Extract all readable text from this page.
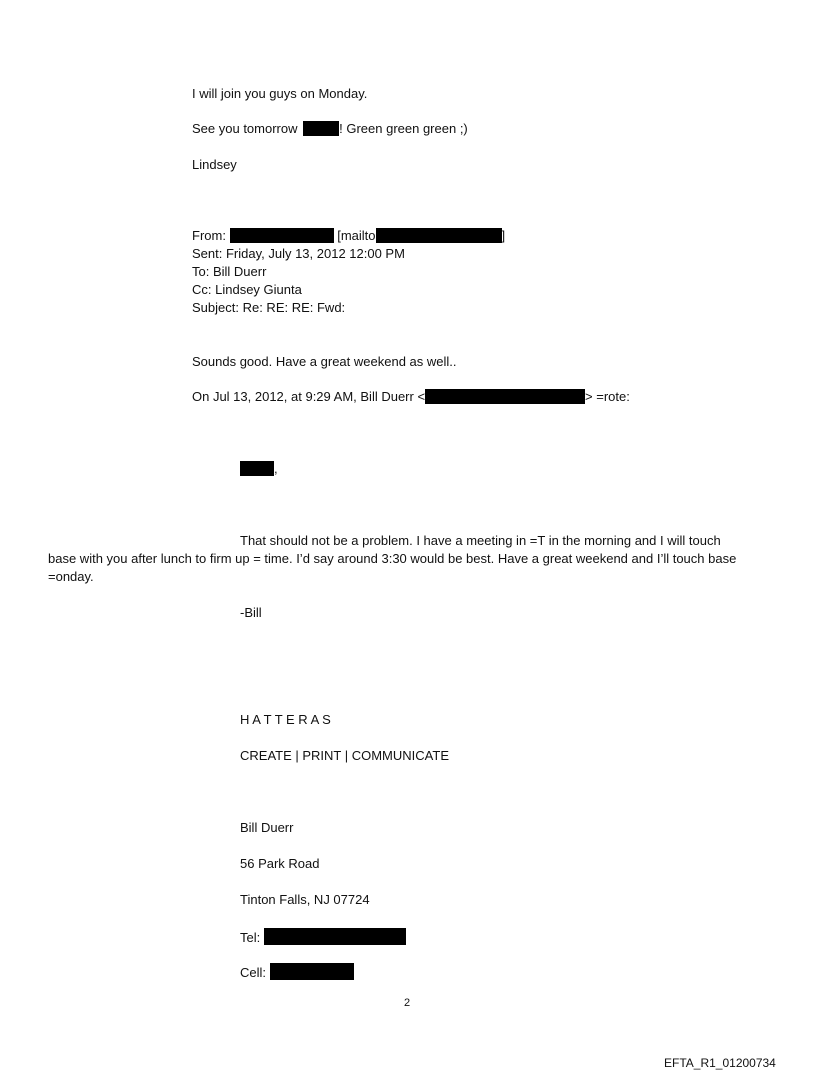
I will join you guys on Monday.
See you tomorrow	! Green green green ;)
Lindsey
From:	[mailto	]
Sent: Friday, July 13, 2012 12:00 PM
To: Bill Duerr
Cc: Lindsey Giunta
Subject: Re: RE: RE: Fwd:
Sounds good. Have a great weekend as well..
On Jul 13, 2012, at 9:29 AM, Bill Duerr <	> =rote:
,
That should not be a problem. I have a meeting in =T in the morning and I will touch
base with you after lunch to firm up = time. I’d say around 3:30 would be best. Have a great weekend and I’ll touch base
=onday.
-Bill
H A T T E R A S
CREATE | PRINT | COMMUNICATE
Bill Duerr
56 Park Road
Tinton Falls, NJ 07724
Tel:
Cell:
2
EFTA_R1_01200734
